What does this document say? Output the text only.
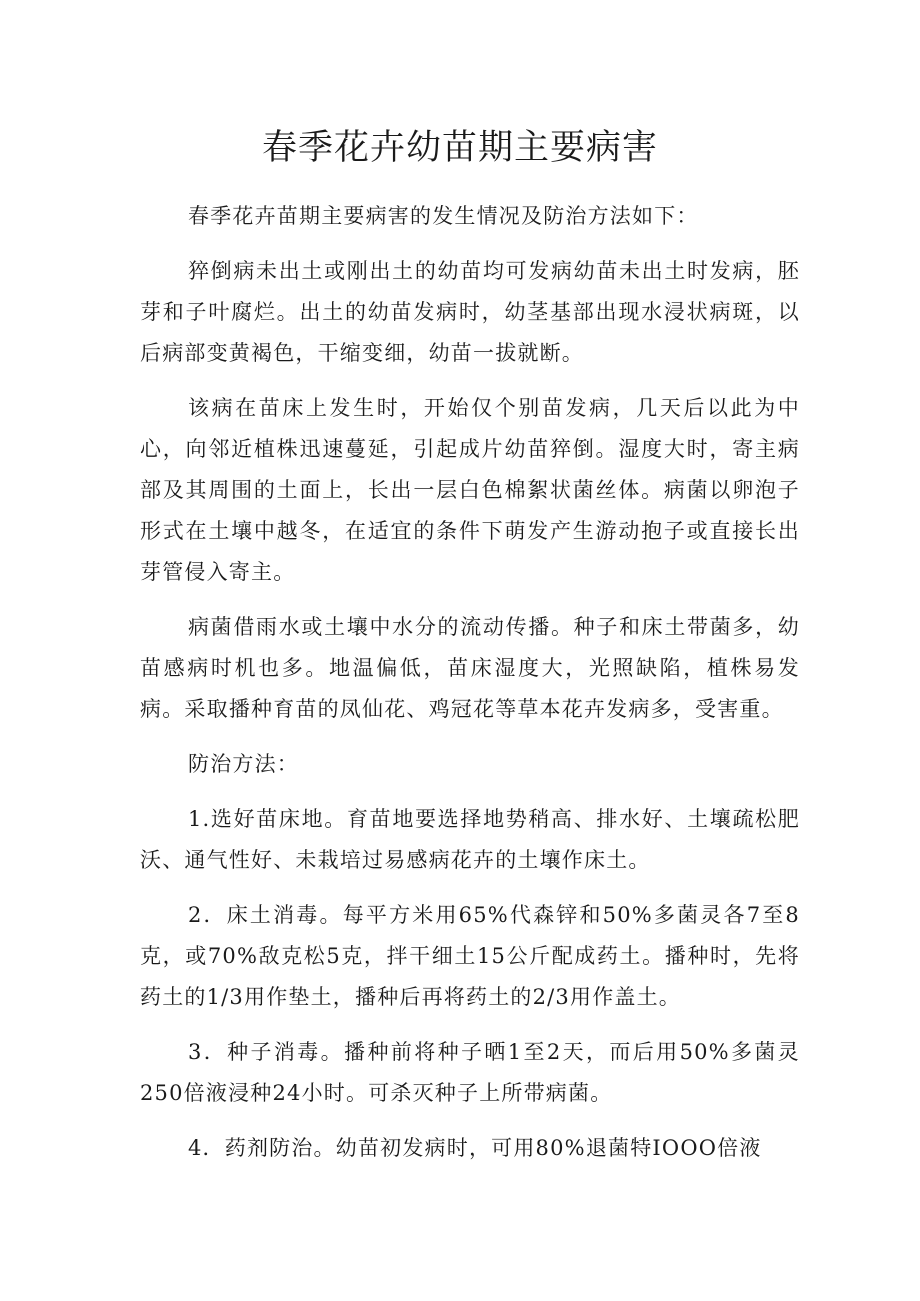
春季花卉幼苗期主要病害

春季花卉苗期主要病害的发生情况及防治方法如下：

猝倒病未出土或刚出土的幼苗均可发病幼苗未出土时发病，胚芽和子叶腐烂。出土的幼苗发病时，幼茎基部出现水浸状病斑，以后病部变黄褐色，干缩变细，幼苗一拔就断。

该病在苗床上发生时，开始仅个别苗发病，几天后以此为中心，向邻近植株迅速蔓延，引起成片幼苗猝倒。湿度大时，寄主病部及其周围的土面上，长出一层白色棉絮状菌丝体。病菌以卵泡子形式在土壤中越冬，在适宜的条件下萌发产生游动抱子或直接长出芽管侵入寄主。

病菌借雨水或土壤中水分的流动传播。种子和床土带菌多，幼苗感病时机也多。地温偏低，苗床湿度大，光照缺陷，植株易发病。采取播种育苗的凤仙花、鸡冠花等草本花卉发病多，受害重。

防治方法：

1.选好苗床地。育苗地要选择地势稍高、排水好、土壤疏松肥沃、通气性好、未栽培过易感病花卉的土壤作床土。

2．床土消毒。每平方米用65%代森锌和50%多菌灵各7至8克，或70%敌克松5克，拌干细土15公斤配成药土。播种时，先将药土的1/3用作垫土，播种后再将药土的2/3用作盖土。

3．种子消毒。播种前将种子晒1至2天，而后用50%多菌灵250倍液浸种24小时。可杀灭种子上所带病菌。

4．药剂防治。幼苗初发病时，可用80%退菌特IOOO倍液
